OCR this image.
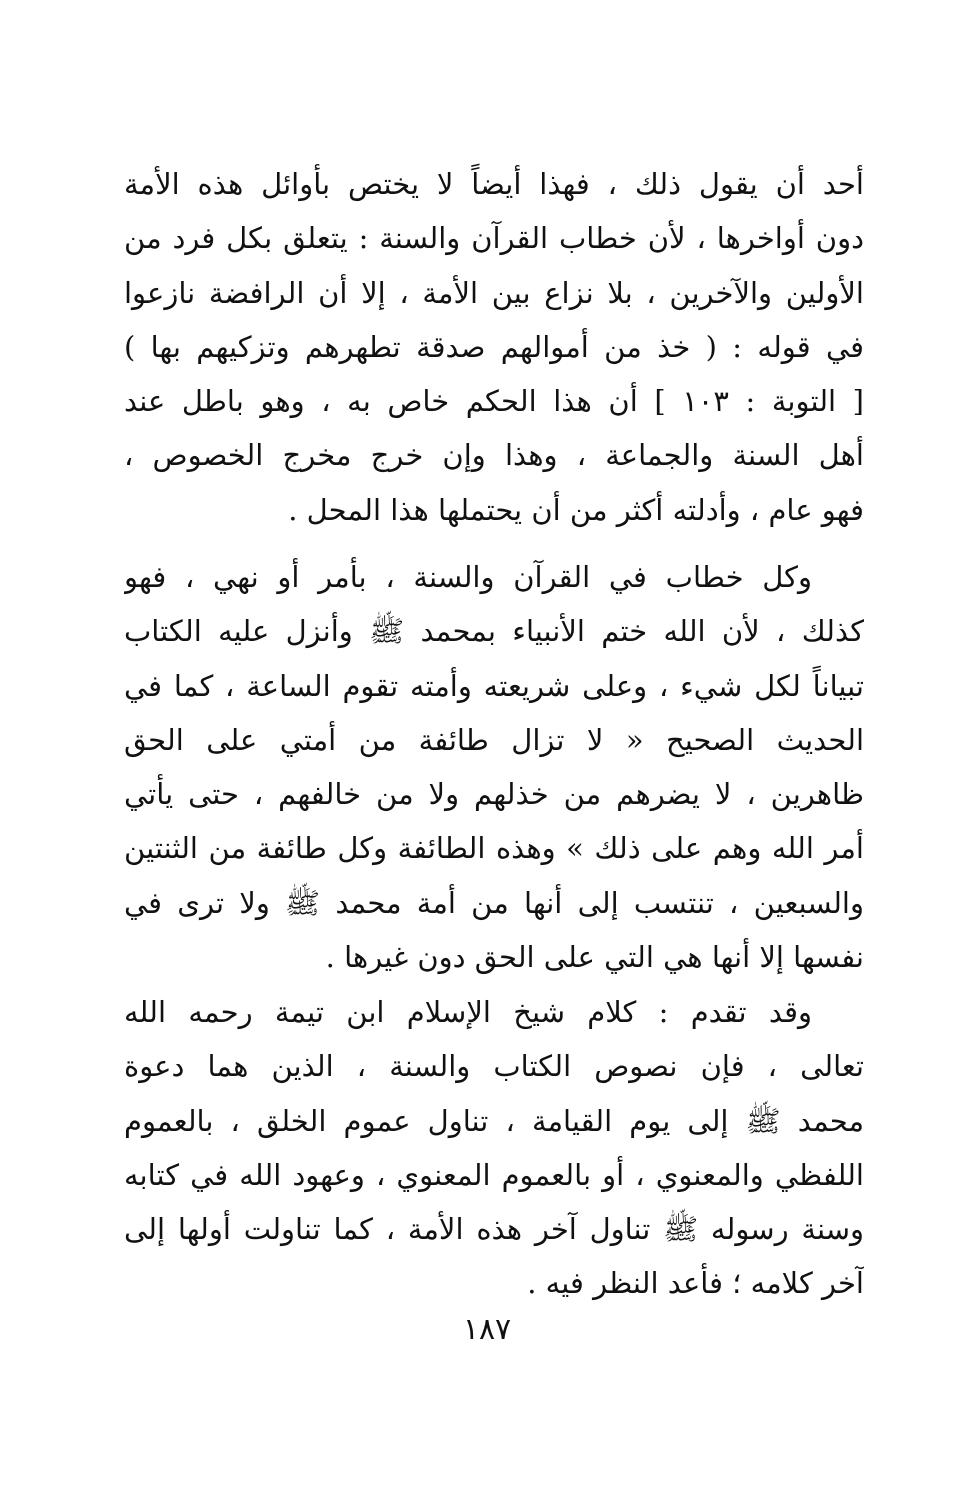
أحد أن يقول ذلك ، فهذا أيضاً لا يختص بأوائل هذه الأمة
دون أواخرها ، لأن خطاب القرآن والسنة : يتعلق بكل فرد من
الأولين والآخرين ، بلا نزاع بين الأمة ، إلا أن الرافضة نازعوا
في قوله : ( خذ من أموالهم صدقة تطهرهم وتزكيهم بها )
[ التوبة : ١٠٣ ] أن هذا الحكم خاص به ، وهو باطل عند
أهل السنة والجماعة ، وهذا وإن خرج مخرج الخصوص ،
فهو عام ، وأدلته أكثر من أن يحتملها هذا المحل .
وكل خطاب في القرآن والسنة ، بأمر أو نهي ، فهو
كذلك ، لأن الله ختم الأنبياء بمحمد ﷺ وأنزل عليه الكتاب
تبياناً لكل شيء ، وعلى شريعته وأمته تقوم الساعة ، كما في
الحديث الصحيح « لا تزال طائفة من أمتي على الحق
ظاهرين ، لا يضرهم من خذلهم ولا من خالفهم ، حتى يأتي
أمر الله وهم على ذلك » وهذه الطائفة وكل طائفة من الثنتين
والسبعين ، تنتسب إلى أنها من أمة محمد ﷺ ولا ترى في
نفسها إلا أنها هي التي على الحق دون غيرها .
وقد تقدم : كلام شيخ الإسلام ابن تيمة رحمه الله
تعالى ، فإن نصوص الكتاب والسنة ، الذين هما دعوة
محمد ﷺ إلى يوم القيامة ، تناول عموم الخلق ، بالعموم
اللفظي والمعنوي ، أو بالعموم المعنوي ، وعهود الله في كتابه
وسنة رسوله ﷺ تناول آخر هذه الأمة ، كما تناولت أولها إلى
آخر كلامه ؛ فأعد النظر فيه .
١٨٧
